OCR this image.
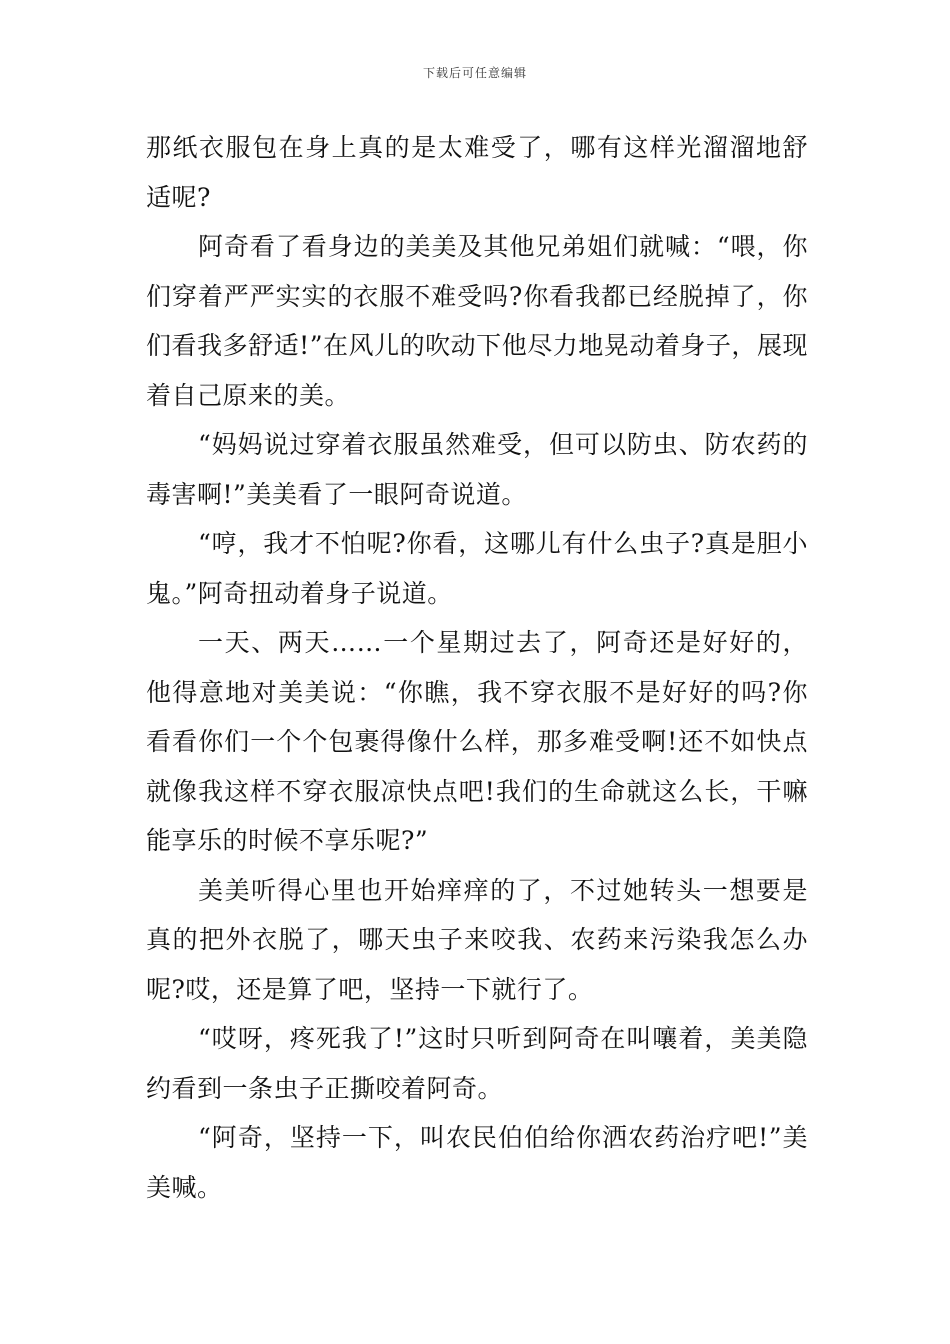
下载后可任意编辑

那纸衣服包在身上真的是太难受了，哪有这样光溜溜地舒适呢?

阿奇看了看身边的美美及其他兄弟姐们就喊：“喂，你们穿着严严实实的衣服不难受吗?你看我都已经脱掉了，你们看我多舒适!”在风儿的吹动下他尽力地晃动着身子，展现着自己原来的美。

“妈妈说过穿着衣服虽然难受，但可以防虫、防农药的毒害啊!”美美看了一眼阿奇说道。

“哼，我才不怕呢?你看，这哪儿有什么虫子?真是胆小鬼。”阿奇扭动着身子说道。

一天、两天……一个星期过去了，阿奇还是好好的，他得意地对美美说：“你瞧，我不穿衣服不是好好的吗?你看看你们一个个包裹得像什么样，那多难受啊!还不如快点就像我这样不穿衣服凉快点吧!我们的生命就这么长，干嘛能享乐的时候不享乐呢?”

美美听得心里也开始痒痒的了，不过她转头一想要是真的把外衣脱了，哪天虫子来咬我、农药来污染我怎么办呢?哎，还是算了吧，坚持一下就行了。

“哎呀，疼死我了!”这时只听到阿奇在叫嚷着，美美隐约看到一条虫子正撕咬着阿奇。

“阿奇，坚持一下，叫农民伯伯给你洒农药治疗吧!”美美喊。
